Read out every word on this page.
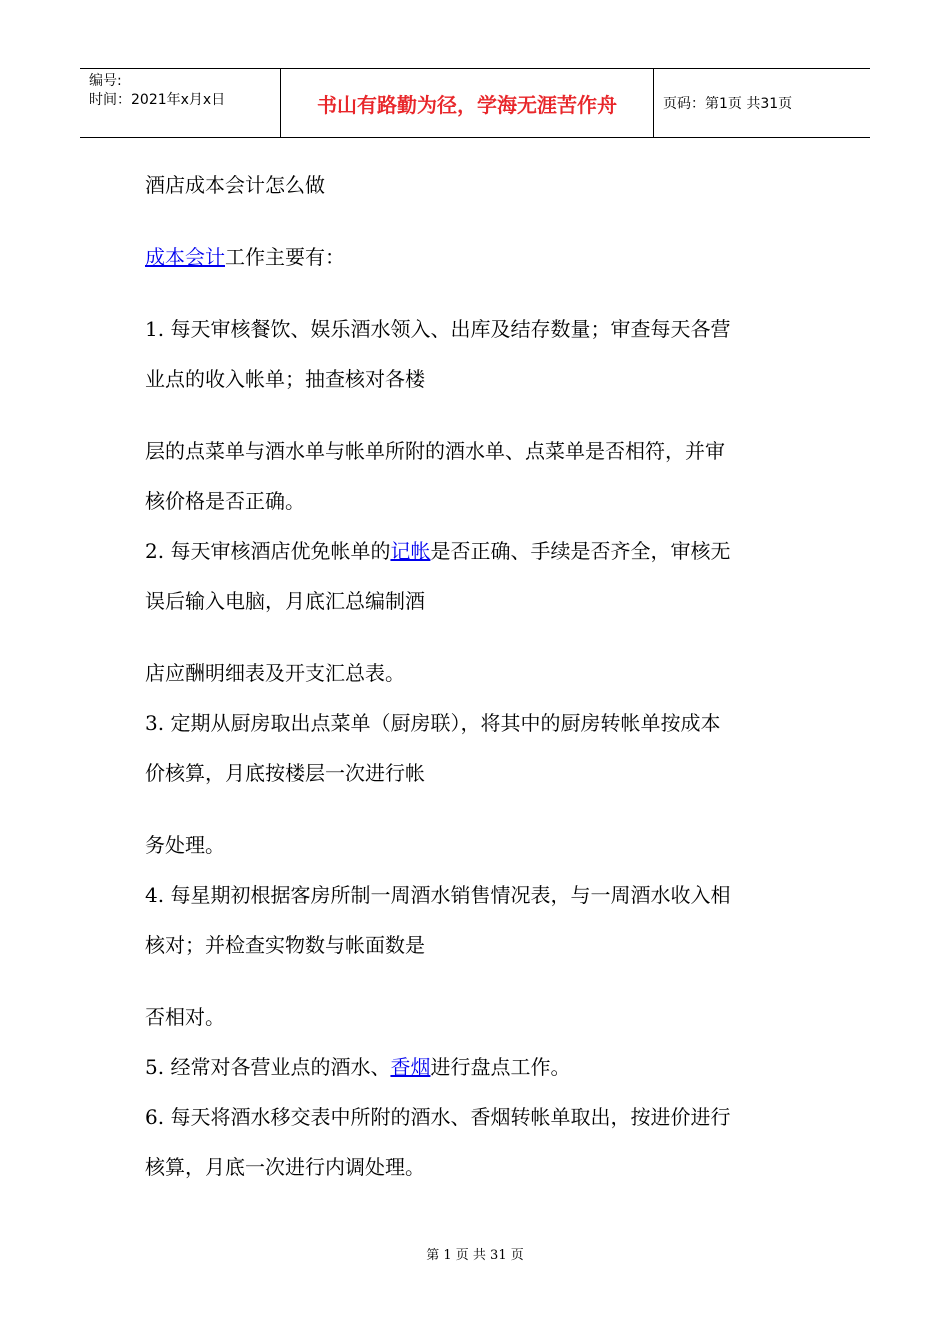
编号:
时间：2021年x月x日	书山有路勤为径，学海无涯苦作舟	页码：第1页 共31页
酒店成本会计怎么做
成本会计工作主要有：
1. 每天审核餐饮、娱乐酒水领入、出库及结存数量；审查每天各营
业点的收入帐单；抽查核对各楼
层的点菜单与酒水单与帐单所附的酒水单、点菜单是否相符，并审
核价格是否正确。
2. 每天审核酒店优免帐单的记帐是否正确、手续是否齐全，审核无
误后输入电脑，月底汇总编制酒
店应酬明细表及开支汇总表。
3. 定期从厨房取出点菜单（厨房联），将其中的厨房转帐单按成本
价核算，月底按楼层一次进行帐
务处理。
4. 每星期初根据客房所制一周酒水销售情况表，与一周酒水收入相
核对；并检查实物数与帐面数是
否相对。
5. 经常对各营业点的酒水、香烟进行盘点工作。
6. 每天将酒水移交表中所附的酒水、香烟转帐单取出，按进价进行
核算，月底一次进行内调处理。
第 1 页 共 31 页
